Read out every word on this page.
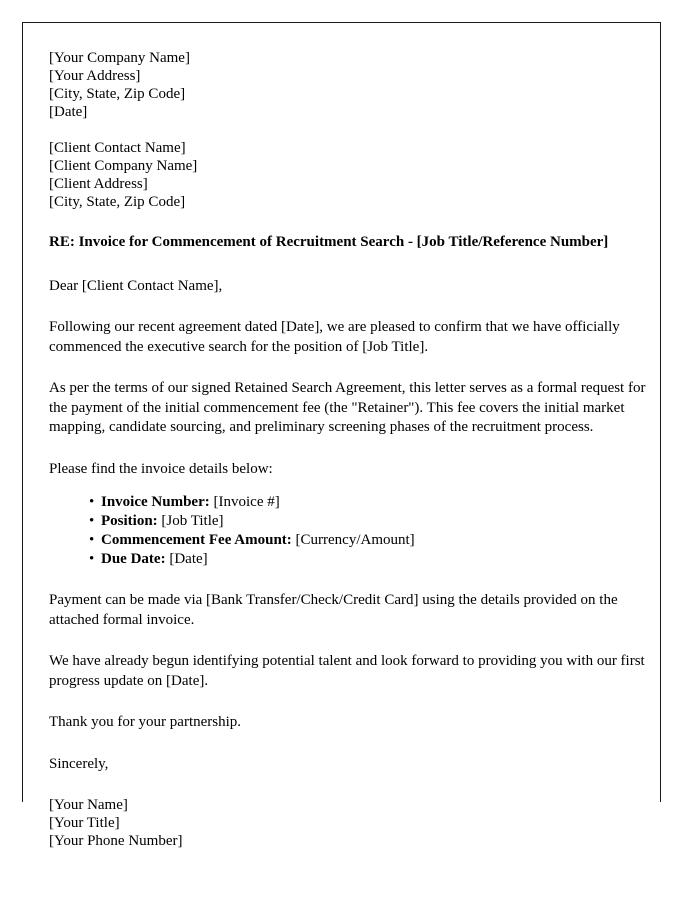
[Your Company Name]
[Your Address]
[City, State, Zip Code]
[Date]
[Client Contact Name]
[Client Company Name]
[Client Address]
[City, State, Zip Code]
RE: Invoice for Commencement of Recruitment Search - [Job Title/Reference Number]
Dear [Client Contact Name],

Following our recent agreement dated [Date], we are pleased to confirm that we have officially commenced the executive search for the position of [Job Title].

As per the terms of our signed Retained Search Agreement, this letter serves as a formal request for the payment of the initial commencement fee (the "Retainer"). This fee covers the initial market mapping, candidate sourcing, and preliminary screening phases of the recruitment process.

Please find the invoice details below:

• Invoice Number: [Invoice #]
• Position: [Job Title]
• Commencement Fee Amount: [Currency/Amount]
• Due Date: [Date]

Payment can be made via [Bank Transfer/Check/Credit Card] using the details provided on the attached formal invoice.

We have already begun identifying potential talent and look forward to providing you with our first progress update on [Date].

Thank you for your partnership.

Sincerely,

[Your Name]
[Your Title]
[Your Phone Number]
